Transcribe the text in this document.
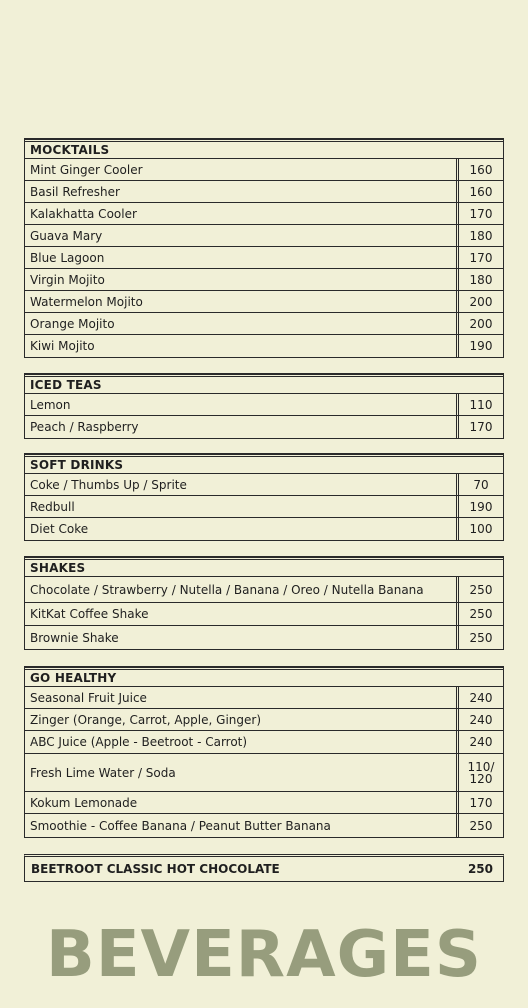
MOCKTAILS
Mint Ginger Cooler	160
Basil Refresher	160
Kalakhatta Cooler	170
Guava Mary	180
Blue Lagoon	170
Virgin Mojito	180
Watermelon Mojito	200
Orange Mojito	200
Kiwi Mojito	190
ICED TEAS
Lemon	110
Peach / Raspberry	170
SOFT DRINKS
Coke / Thumbs Up / Sprite	70
Redbull	190
Diet Coke	100
SHAKES
Chocolate / Strawberry / Nutella / Banana / Oreo / Nutella Banana	250
KitKat Coffee Shake	250
Brownie Shake	250
GO HEALTHY
Seasonal Fruit Juice	240
Zinger (Orange, Carrot, Apple, Ginger)	240
ABC Juice (Apple - Beetroot - Carrot)	240
Fresh Lime Water / Soda	110/
120
Kokum Lemonade	170
Smoothie - Coffee Banana / Peanut Butter Banana	250
BEETROOT CLASSIC HOT CHOCOLATE	250
BEVERAGES
